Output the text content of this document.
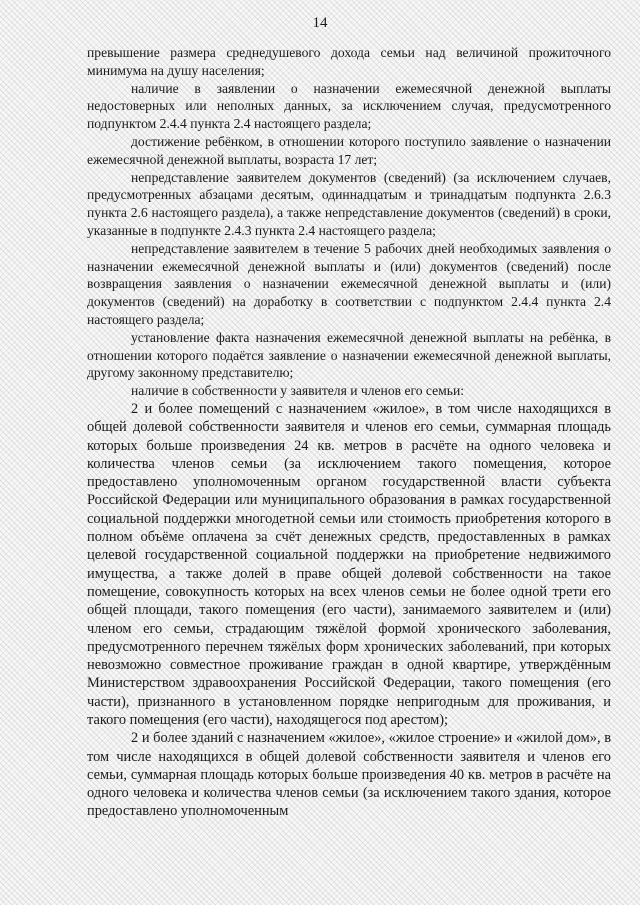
14

превышение размера среднедушевого дохода семьи над величиной прожиточного минимума на душу населения;

наличие в заявлении о назначении ежемесячной денежной выплаты недостоверных или неполных данных, за исключением случая, предусмотренного подпунктом 2.4.4 пункта 2.4 настоящего раздела;

достижение ребёнком, в отношении которого поступило заявление о назначении ежемесячной денежной выплаты, возраста 17 лет;

непредставление заявителем документов (сведений) (за исключением случаев, предусмотренных абзацами десятым, одиннадцатым и тринадцатым подпункта 2.6.3 пункта 2.6 настоящего раздела), а также непредставление документов (сведений) в сроки, указанные в подпункте 2.4.3 пункта 2.4 настоящего раздела;

непредставление заявителем в течение 5 рабочих дней необходимых заявления о назначении ежемесячной денежной выплаты и (или) документов (сведений) после возвращения заявления о назначении ежемесячной денежной выплаты и (или) документов (сведений) на доработку в соответствии с подпунктом 2.4.4 пункта 2.4 настоящего раздела;

установление факта назначения ежемесячной денежной выплаты на ребёнка, в отношении которого подаётся заявление о назначении ежемесячной денежной выплаты, другому законному представителю;

наличие в собственности у заявителя и членов его семьи:

2 и более помещений с назначением «жилое», в том числе находящихся в общей долевой собственности заявителя и членов его семьи, суммарная площадь которых больше произведения 24 кв. метров в расчёте на одного человека и количества членов семьи (за исключением такого помещения, которое предоставлено уполномоченным органом государственной власти субъекта Российской Федерации или муниципального образования в рамках государственной социальной поддержки многодетной семьи или стоимость приобретения которого в полном объёме оплачена за счёт денежных средств, предоставленных в рамках целевой государственной социальной поддержки на приобретение недвижимого имущества, а также долей в праве общей долевой собственности на такое помещение, совокупность которых на всех членов семьи не более одной трети его общей площади, такого помещения (его части), занимаемого заявителем и (или) членом его семьи, страдающим тяжёлой формой хронического заболевания, предусмотренного перечнем тяжёлых форм хронических заболеваний, при которых невозможно совместное проживание граждан в одной квартире, утверждённым Министерством здравоохранения Российской Федерации, такого помещения (его части), признанного в установленном порядке непригодным для проживания, и такого помещения (его части), находящегося под арестом);

2 и более зданий с назначением «жилое», «жилое строение» и «жилой дом», в том числе находящихся в общей долевой собственности заявителя и членов его семьи, суммарная площадь которых больше произведения 40 кв. метров в расчёте на одного человека и количества членов семьи (за исключением такого здания, которое предоставлено уполномоченным
